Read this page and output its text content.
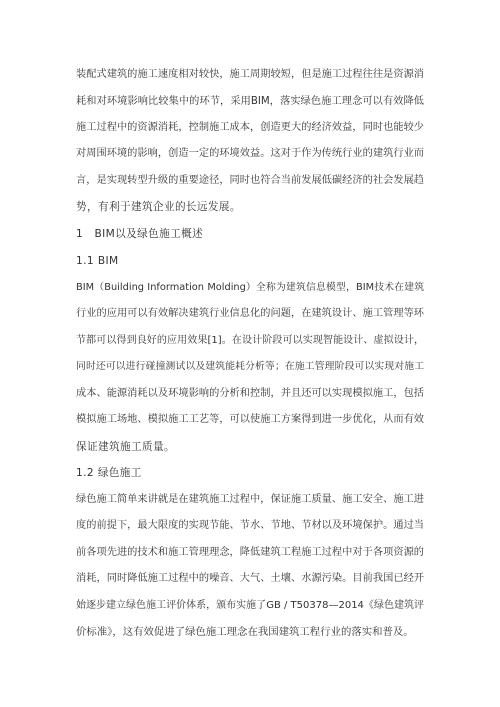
装配式建筑的施工速度相对较快，施工周期较短，但是施工过程往往是资源消
耗和对环境影响比较集中的环节，采用BIM，落实绿色施工理念可以有效降低
施工过程中的资源消耗，控制施工成本，创造更大的经济效益，同时也能较少
对周围环境的影响，创造一定的环境效益。这对于作为传统行业的建筑行业而
言，是实现转型升级的重要途径，同时也符合当前发展低碳经济的社会发展趋
势，有利于建筑企业的长远发展。
1   BIM以及绿色施工概述
1.1 BIM
BIM（Building Information Molding）全称为建筑信息模型，BIM技术在建筑
行业的应用可以有效解决建筑行业信息化的问题，在建筑设计、施工管理等环
节都可以得到良好的应用效果[1]。在设计阶段可以实现智能设计、虚拟设计，
同时还可以进行碰撞测试以及建筑能耗分析等；在施工管理阶段可以实现对施工
成本、能源消耗以及环境影响的分析和控制，并且还可以实现模拟施工，包括
模拟施工场地、模拟施工工艺等，可以使施工方案得到进一步优化，从而有效
保证建筑施工质量。
1.2 绿色施工
绿色施工简单来讲就是在建筑施工过程中，保证施工质量、施工安全、施工进
度的前提下，最大限度的实现节能、节水、节地、节材以及环境保护。通过当
前各项先进的技术和施工管理理念，降低建筑工程施工过程中对于各项资源的
消耗，同时降低施工过程中的噪音、大气、土壤、水源污染。目前我国已经开
始逐步建立绿色施工评价体系，颁布实施了GB / T50378—2014《绿色建筑评
价标准》，这有效促进了绿色施工理念在我国建筑工程行业的落实和普及。
